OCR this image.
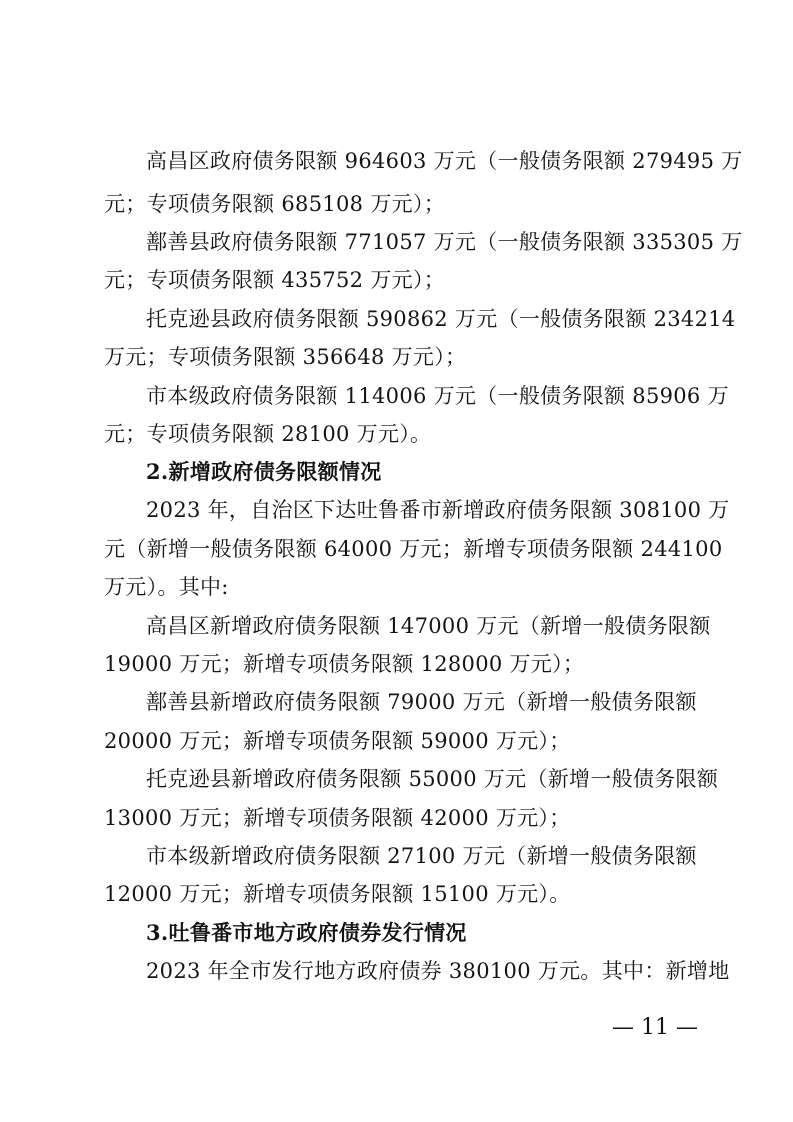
高昌区政府债务限额 964603 万元（一般债务限额 279495 万
元；专项债务限额 685108 万元）；
鄯善县政府债务限额 771057 万元（一般债务限额 335305 万
元；专项债务限额 435752 万元）；
托克逊县政府债务限额 590862 万元（一般债务限额 234214
万元；专项债务限额 356648 万元）；
市本级政府债务限额 114006 万元（一般债务限额 85906 万
元；专项债务限额 28100 万元）。
2.新增政府债务限额情况
2023 年，自治区下达吐鲁番市新增政府债务限额 308100 万
元（新增一般债务限额 64000 万元；新增专项债务限额 244100
万元）。其中:
高昌区新增政府债务限额 147000 万元（新增一般债务限额
19000 万元；新增专项债务限额 128000 万元）；
鄯善县新增政府债务限额 79000 万元（新增一般债务限额
20000 万元；新增专项债务限额 59000 万元）；
托克逊县新增政府债务限额 55000 万元（新增一般债务限额
13000 万元；新增专项债务限额 42000 万元）；
市本级新增政府债务限额 27100 万元（新增一般债务限额
12000 万元；新增专项债务限额 15100 万元）。
3.吐鲁番市地方政府债券发行情况
2023 年全市发行地方政府债券 380100 万元。其中：新增地
— 11 —
